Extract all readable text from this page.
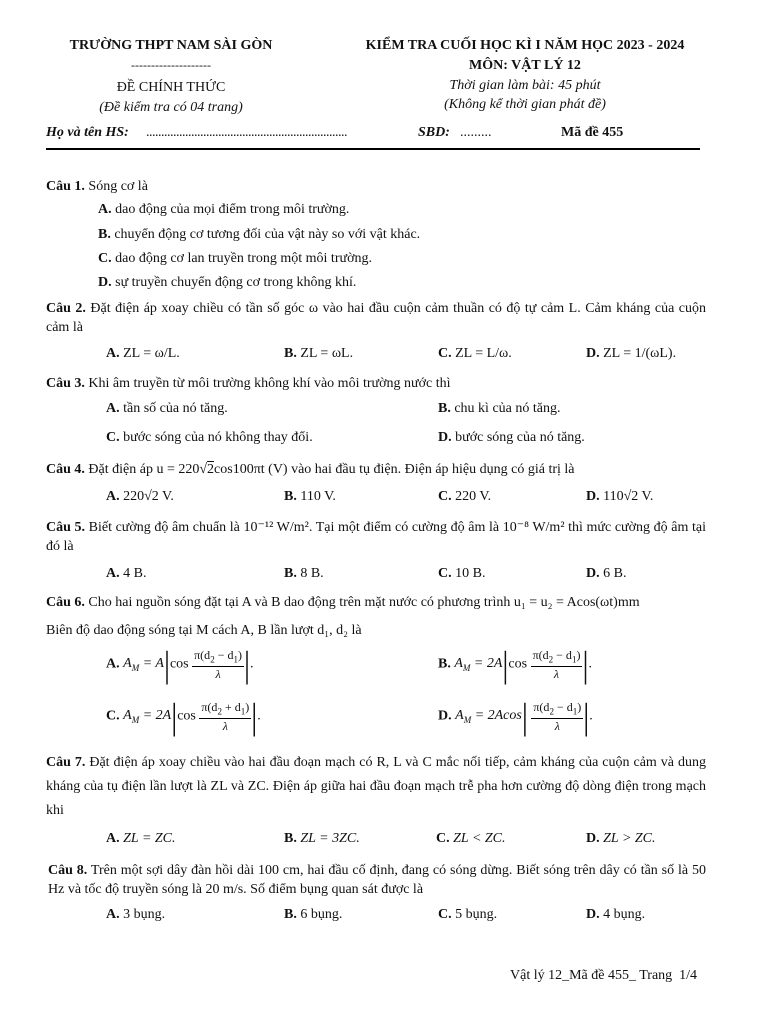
TRƯỜNG THPT NAM SÀI GÒN
--------------------
ĐỀ CHÍNH THỨC
(Đề kiểm tra có 04 trang)
KIỂM TRA CUỐI HỌC KÌ I NĂM HỌC 2023 - 2024
MÔN: VẬT LÝ 12
Thời gian làm bài: 45 phút
(Không kể thời gian phát đề)
Họ và tên HS: ...................................................................	SBD: .........	Mã đề 455
Câu 1. Sóng cơ là
A. dao động của mọi điểm trong môi trường.
B. chuyển động cơ tương đối của vật này so với vật khác.
C. dao động cơ lan truyền trong một môi trường.
D. sự truyền chuyển động cơ trong không khí.
Câu 2. Đặt điện áp xoay chiều có tần số góc ω vào hai đầu cuộn cảm thuần có độ tự cảm L. Cảm kháng của cuộn cảm là
A. ZL = ω/L.	B. ZL = ωL.	C. ZL = L/ω.	D. ZL = 1/(ωL).
Câu 3. Khi âm truyền từ môi trường không khí vào môi trường nước thì
A. tần số của nó tăng.	B. chu kì của nó tăng.
C. bước sóng của nó không thay đổi.	D. bước sóng của nó tăng.
Câu 4. Đặt điện áp u = 220√2cos100πt (V) vào hai đầu tụ điện. Điện áp hiệu dụng có giá trị là
A. 220√2 V.	B. 110 V.	C. 220 V.	D. 110√2 V.
Câu 5. Biết cường độ âm chuẩn là 10⁻¹² W/m². Tại một điểm có cường độ âm là 10⁻⁸ W/m² thì mức cường độ âm tại đó là
A. 4 B.	B. 8 B.	C. 10 B.	D. 6 B.
Câu 6. Cho hai nguồn sóng đặt tại A và B dao động trên mặt nước có phương trình u₁ = u₂ = Acos(ωt)mm
Biên độ dao động sóng tại M cách A, B lần lượt d₁, d₂ là
A. $A_M = A|\cos \frac{\pi(d_2 - d_1)}{\lambda}$ |.	B. $A_M = 2A|\cos \frac{\pi(d_2 - d_1)}{\lambda}$ |.
C. $A_M = 2A|\cos \frac{\pi(d_2 + d_1)}{\lambda}$ |.	D. $A_M = 2Acos| \frac{\pi(d_2 - d_1)}{\lambda}$ |.
Câu 7. Đặt điện áp xoay chiều vào hai đầu đoạn mạch có R, L và C mắc nối tiếp, cảm kháng của cuộn cảm và dung kháng của tụ điện lần lượt là ZL và ZC. Điện áp giữa hai đầu đoạn mạch trễ pha hơn cường độ dòng điện trong mạch khi
A. ZL = ZC.	B. ZL = 3ZC.	C. ZL < ZC.	D. ZL > ZC.
Câu 8. Trên một sợi dây đàn hồi dài 100 cm, hai đầu cố định, đang có sóng dừng. Biết sóng trên dây có tần số là 50 Hz và tốc độ truyền sóng là 20 m/s. Số điểm bụng quan sát được là
A. 3 bụng.	B. 6 bụng.	C. 5 bụng.	D. 4 bụng.
Vật lý 12_Mã đề 455_ Trang 1/4
